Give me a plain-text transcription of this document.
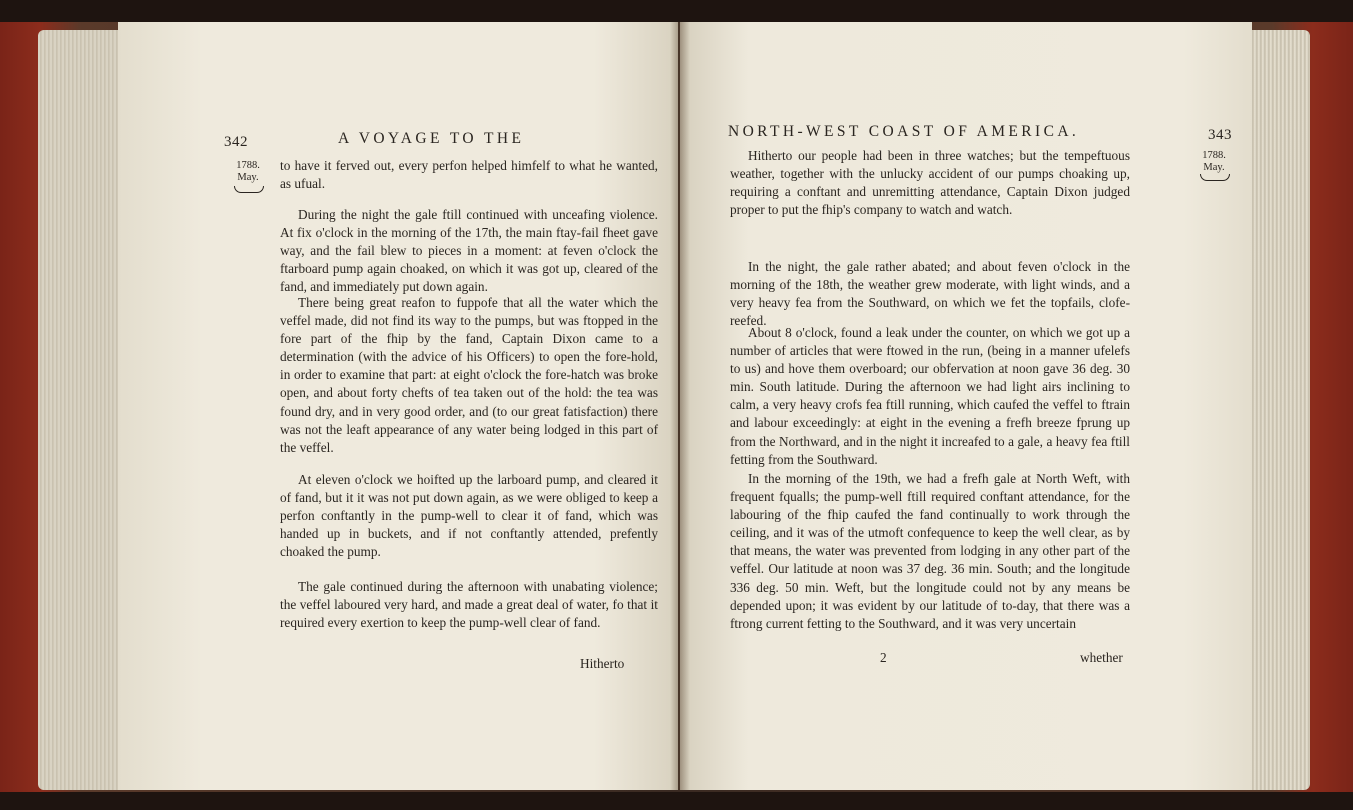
342	A VOYAGE TO THE
1788.
May.

to have it ferved out, every perfon helped himfelf to what he wanted, as ufual.

During the night the gale ftill continued with unceafing violence. At fix o'clock in the morning of the 17th, the main ftay-fail fheet gave way, and the fail blew to pieces in a moment: at feven o'clock the ftarboard pump again choaked, on which it was got up, cleared of the fand, and immediately put down again.

There being great reafon to fuppofe that all the water which the veffel made, did not find its way to the pumps, but was ftopped in the fore part of the fhip by the fand, Captain Dixon came to a determination (with the advice of his Officers) to open the fore-hold, in order to examine that part: at eight o'clock the fore-hatch was broke open, and about forty chefts of tea taken out of the hold: the tea was found dry, and in very good order, and (to our great fatisfaction) there was not the leaft appearance of any water being lodged in this part of the veffel.

At eleven o'clock we hoifted up the larboard pump, and cleared it of fand, but it it was not put down again, as we were obliged to keep a perfon conftantly in the pump-well to clear it of fand, which was handed up in buckets, and if not conftantly attended, prefently choaked the pump.

The gale continued during the afternoon with unabating violence; the veffel laboured very hard, and made a great deal of water, fo that it required every exertion to keep the pump-well clear of fand.

Hitherto
NORTH-WEST COAST OF AMERICA.	343
1788.
May.

Hitherto our people had been in three watches; but the tempeftuous weather, together with the unlucky accident of our pumps choaking up, requiring a conftant and unremitting attendance, Captain Dixon judged proper to put the fhip's company to watch and watch.

In the night, the gale rather abated; and about feven o'clock in the morning of the 18th, the weather grew moderate, with light winds, and a very heavy fea from the Southward, on which we fet the topfails, clofe-reefed.

About 8 o'clock, found a leak under the counter, on which we got up a number of articles that were ftowed in the run, (being in a manner ufelefs to us) and hove them overboard; our obfervation at noon gave 36 deg. 30 min. South latitude. During the afternoon we had light airs inclining to calm, a very heavy crofs fea ftill running, which caufed the veffel to ftrain and labour exceedingly: at eight in the evening a frefh breeze fprung up from the Northward, and in the night it increafed to a gale, a heavy fea ftill fetting from the Southward.

In the morning of the 19th, we had a frefh gale at North Weft, with frequent fqualls; the pump-well ftill required conftant attendance, for the labouring of the fhip caufed the fand continually to work through the ceiling, and it was of the utmoft confequence to keep the well clear, as by that means, the water was prevented from lodging in any other part of the veffel. Our latitude at noon was 37 deg. 36 min. South; and the longitude 336 deg. 50 min. Weft, but the longitude could not by any means be depended upon; it was evident by our latitude of to-day, that there was a ftrong current fetting to the Southward, and it was very uncertain

2	whether
